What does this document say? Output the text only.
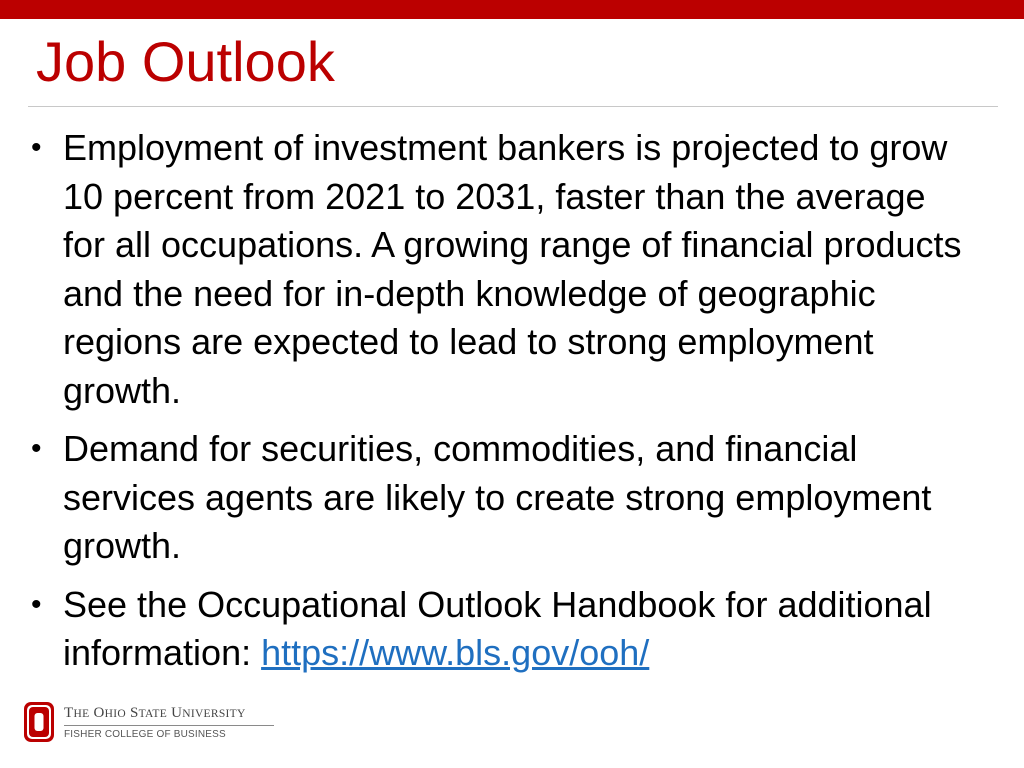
Job Outlook
• Employment of investment bankers is projected to grow 10 percent from 2021 to 2031, faster than the average for all occupations. A growing range of financial products and the need for in-depth knowledge of geographic regions are expected to lead to strong employment growth.
• Demand for securities, commodities, and financial services agents are likely to create strong employment growth.
• See the Occupational Outlook Handbook for additional information: https://www.bls.gov/ooh/
THE OHIO STATE UNIVERSITY
FISHER COLLEGE OF BUSINESS
